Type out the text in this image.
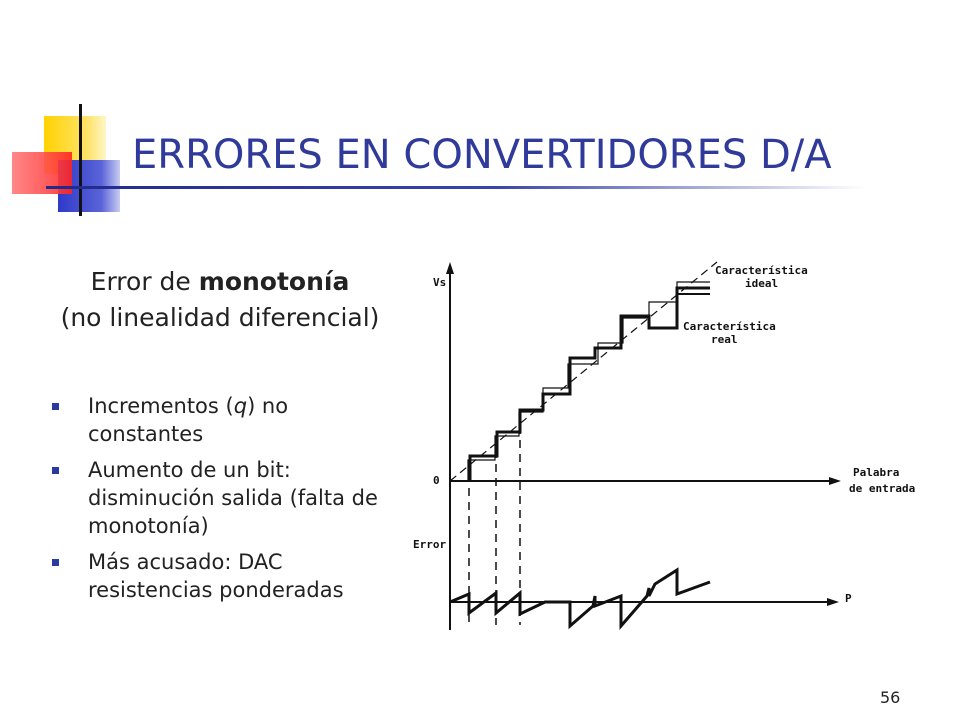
ERRORES EN CONVERTIDORES D/A
Error de monotonía
(no linealidad diferencial)
Incrementos (q) no constantes
Aumento de un bit: disminución salida (falta de monotonía)
Más acusado: DAC resistencias ponderadas
Vs
0
Palabra
de entrada
Característica
ideal
Característica
real
Error
P
56
